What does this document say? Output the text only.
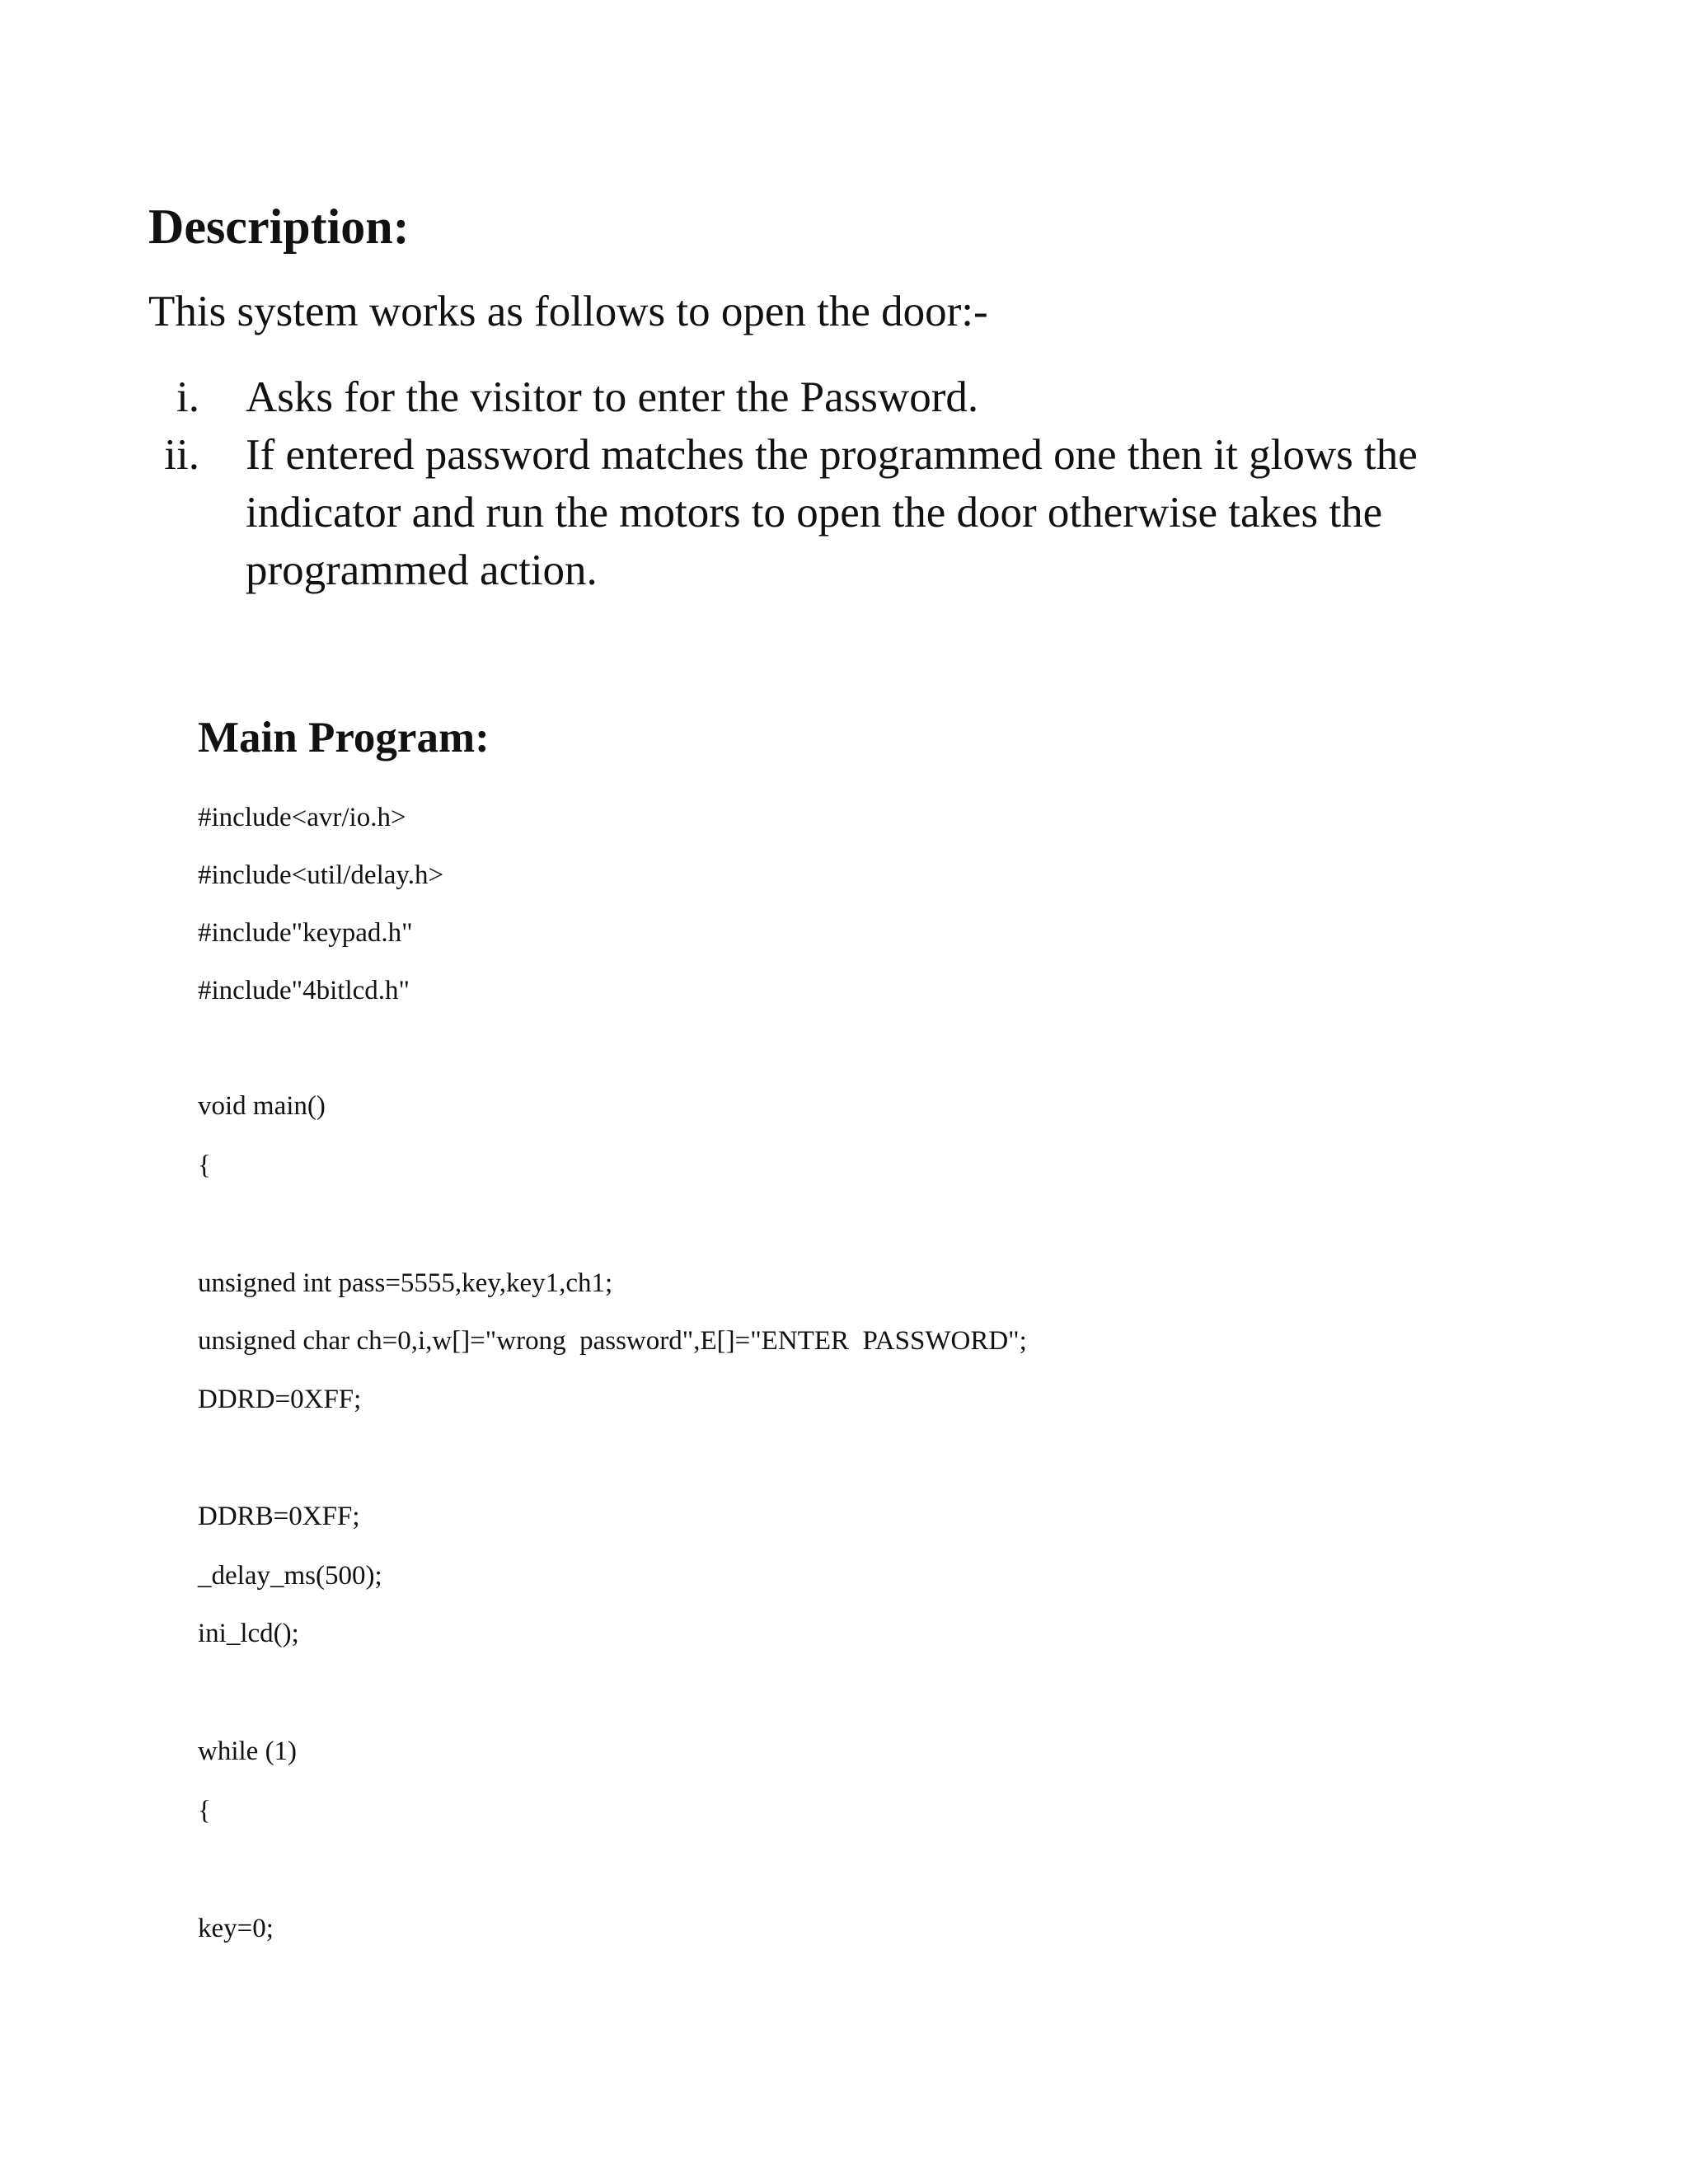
Description:

This system works as follows to open the door:-

i. Asks for the visitor to enter the Password.
ii. If entered password matches the programmed one then it glows the indicator and run the motors to open the door otherwise takes the programmed action.
Main Program:
#include<avr/io.h>
#include<util/delay.h>
#include"keypad.h"
#include"4bitlcd.h"
void main()
{
unsigned int pass=5555,key,key1,ch1;
unsigned char ch=0,i,w[]="wrong  password",E[]="ENTER  PASSWORD";
DDRD=0XFF;
DDRB=0XFF;
_delay_ms(500);
ini_lcd();
while (1)
{
key=0;
